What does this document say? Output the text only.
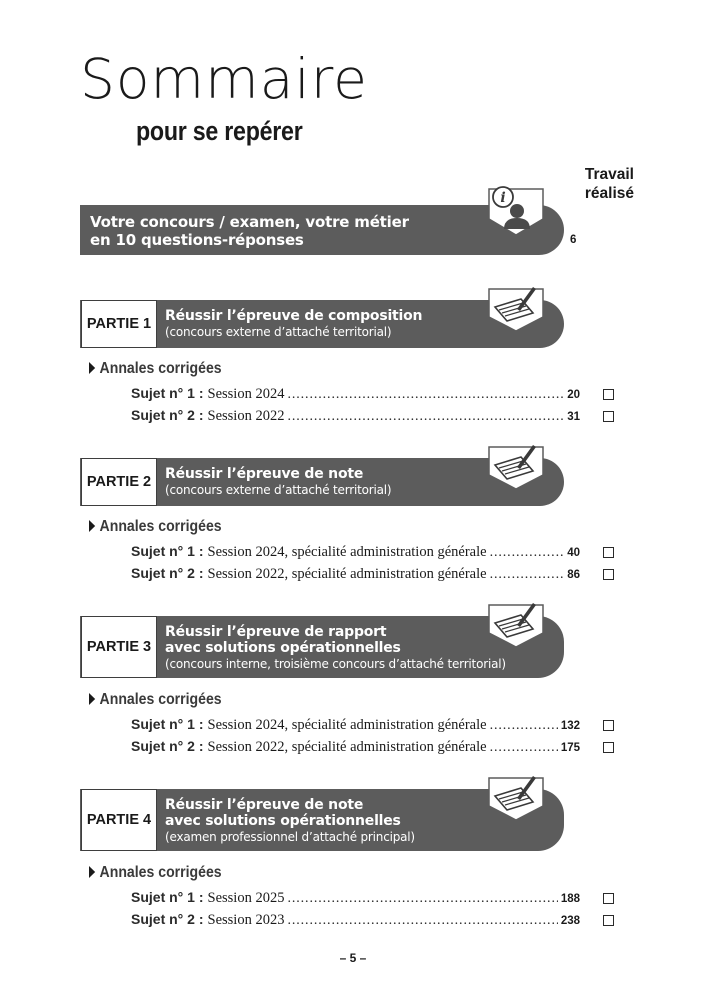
Sommaire
pour se repérer
Travail
réalisé
Votre concours / examen, votre métier
en 10 questions-réponses
i
6
PARTIE 1 Réussir l’épreuve de composition
(concours externe d’attaché territorial)
Annales corrigées
Sujet n° 1 : Session 2024 . . .	20
Sujet n° 2 : Session 2022 . . .	31
PARTIE 2 Réussir l’épreuve de note
(concours externe d’attaché territorial)
Annales corrigées
Sujet n° 1 : Session 2024, spécialité administration générale . . .	40
Sujet n° 2 : Session 2022, spécialité administration générale . . .	86
PARTIE 3
Réussir l’épreuve de rapport
avec solutions opérationnelles
(concours interne, troisième concours d’attaché territorial)
Annales corrigées
Sujet n° 1 : Session 2024, spécialité administration générale . . .	132
Sujet n° 2 : Session 2022, spécialité administration générale . . .	175
PARTIE 4
Réussir l’épreuve de note
avec solutions opérationnelles
(examen professionnel d’attaché principal)
Annales corrigées
Sujet n° 1 : Session 2025 . . .	188
Sujet n° 2 : Session 2023 . . .	238
– 5 –
